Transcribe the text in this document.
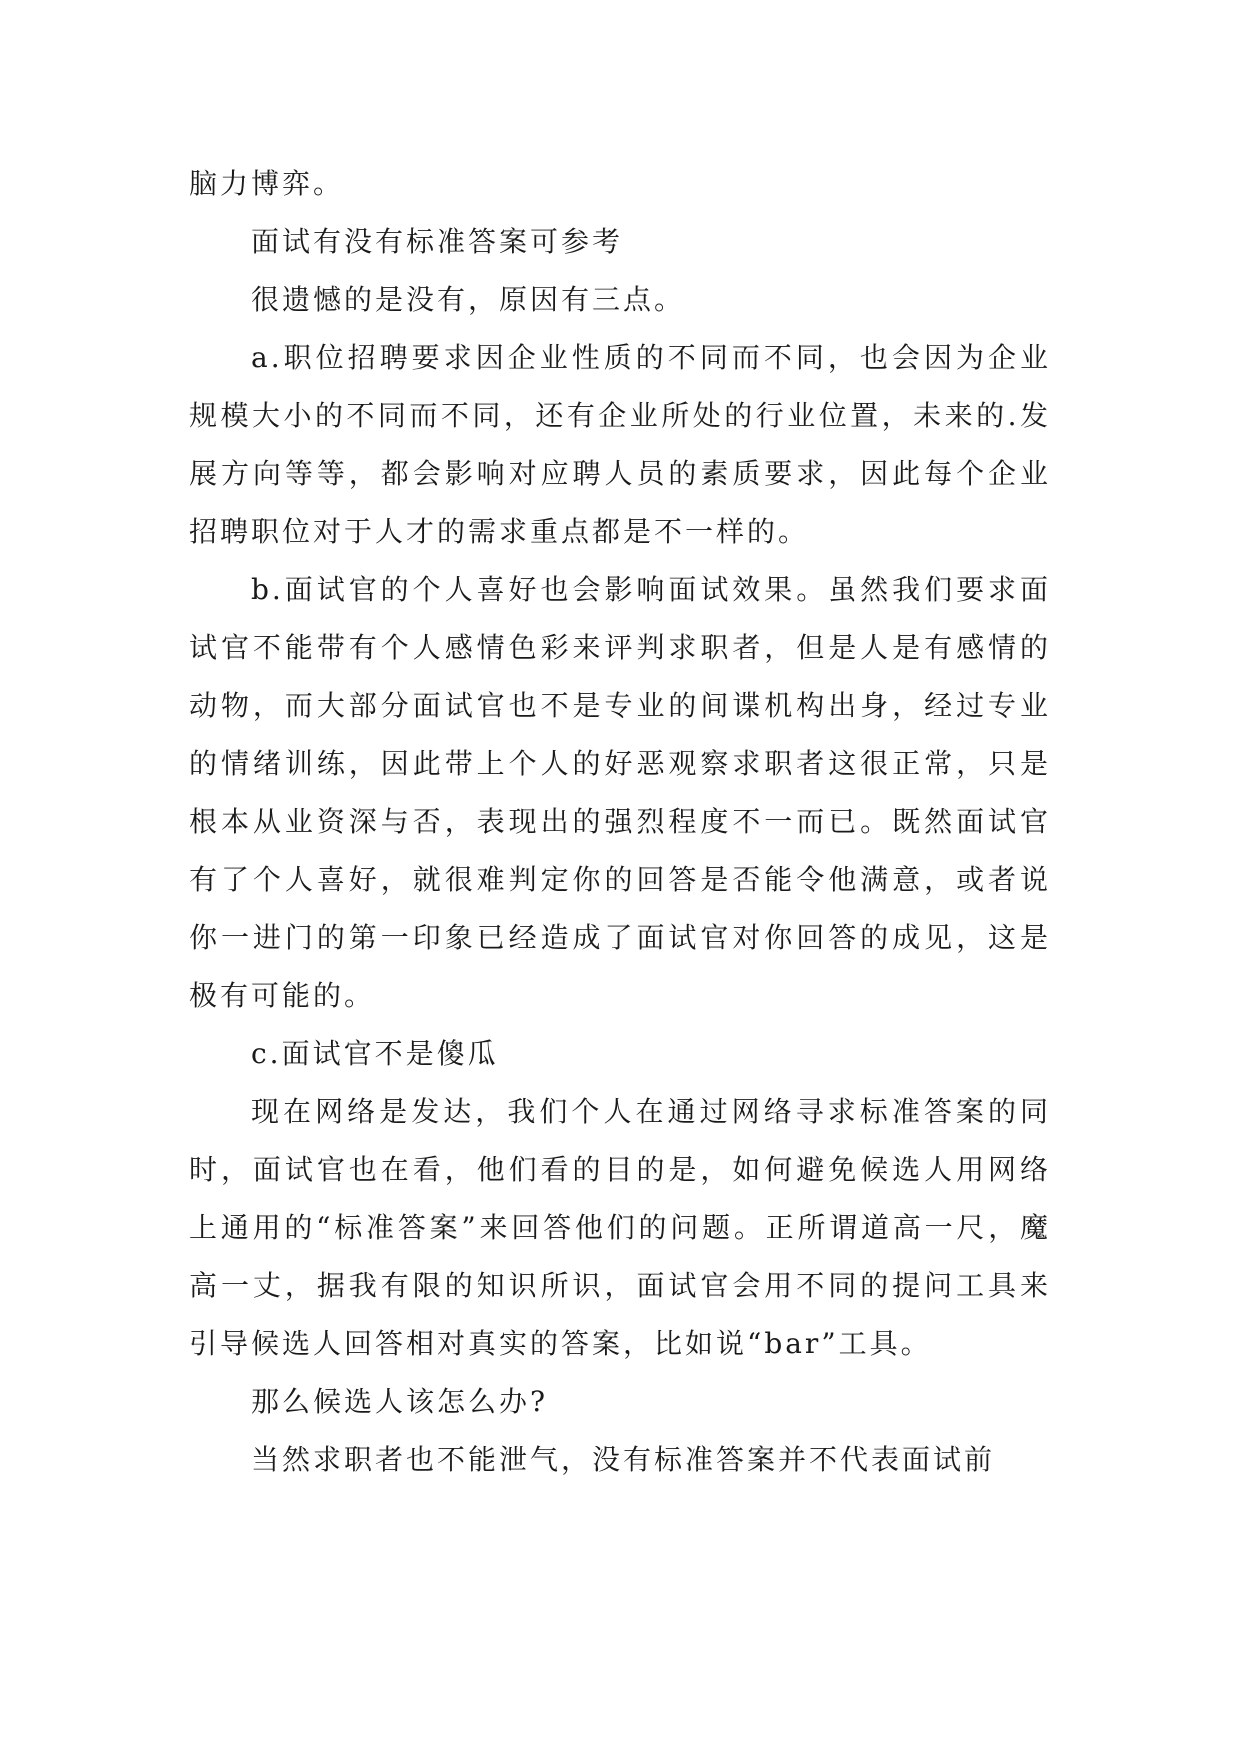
脑力博弈。

面试有没有标准答案可参考

很遗憾的是没有，原因有三点。

a.职位招聘要求因企业性质的不同而不同，也会因为企业规模大小的不同而不同，还有企业所处的行业位置，未来的.发展方向等等，都会影响对应聘人员的素质要求，因此每个企业招聘职位对于人才的需求重点都是不一样的。

b.面试官的个人喜好也会影响面试效果。虽然我们要求面试官不能带有个人感情色彩来评判求职者，但是人是有感情的动物，而大部分面试官也不是专业的间谍机构出身，经过专业的情绪训练，因此带上个人的好恶观察求职者这很正常，只是根本从业资深与否，表现出的强烈程度不一而已。既然面试官有了个人喜好，就很难判定你的回答是否能令他满意，或者说你一进门的第一印象已经造成了面试官对你回答的成见，这是极有可能的。

c.面试官不是傻瓜

现在网络是发达，我们个人在通过网络寻求标准答案的同时，面试官也在看，他们看的目的是，如何避免候选人用网络上通用的“标准答案”来回答他们的问题。正所谓道高一尺，魔高一丈，据我有限的知识所识，面试官会用不同的提问工具来引导候选人回答相对真实的答案，比如说“bar”工具。

那么候选人该怎么办?

当然求职者也不能泄气，没有标准答案并不代表面试前
